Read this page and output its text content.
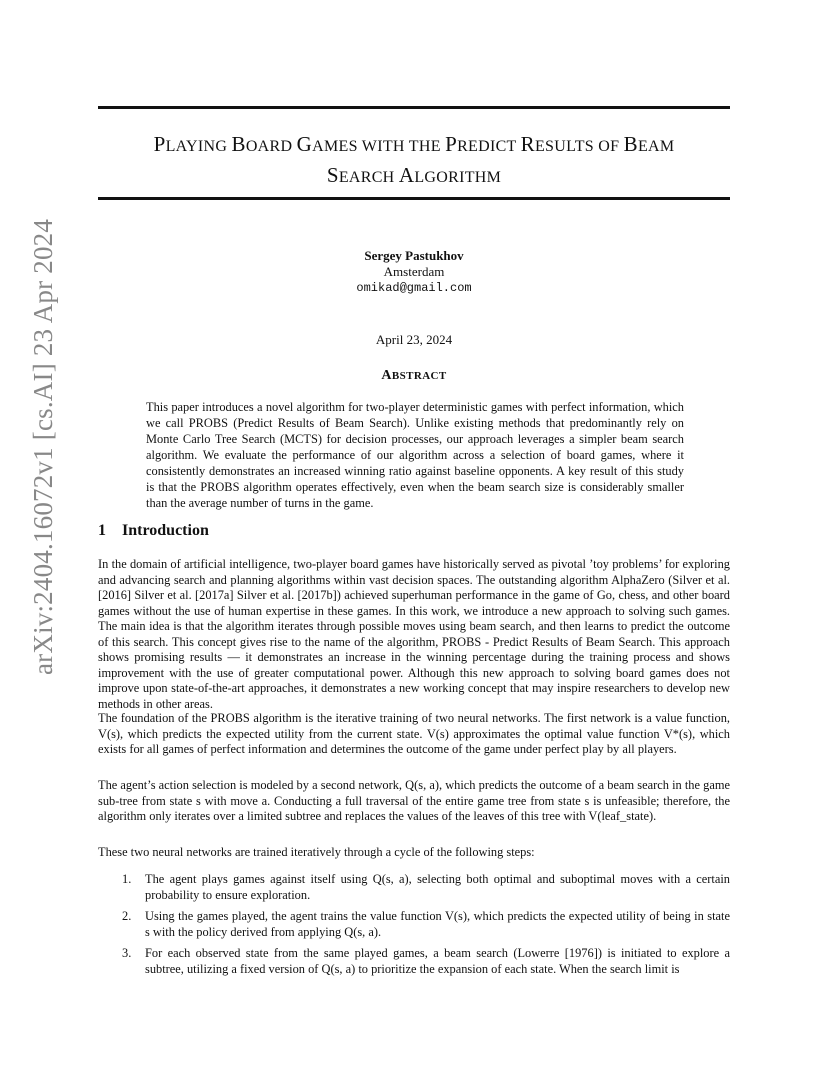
PLAYING BOARD GAMES WITH THE PREDICT RESULTS OF BEAM
SEARCH ALGORITHM
arXiv:2404.16072v1 [cs.AI] 23 Apr 2024	Sergey Pastukhov
Amsterdam
omikad@gmail.com
April 23, 2024
ABSTRACT

This paper introduces a novel algorithm for two-player deterministic games with perfect information, which we call PROBS (Predict Results of Beam Search). Unlike existing methods that predominantly rely on Monte Carlo Tree Search (MCTS) for decision processes, our approach leverages a simpler beam search algorithm. We evaluate the performance of our algorithm across a selection of board games, where it consistently demonstrates an increased winning ratio against baseline opponents. A key result of this study is that the PROBS algorithm operates effectively, even when the beam search size is considerably smaller than the average number of turns in the game.

1 Introduction

In the domain of artificial intelligence, two-player board games have historically served as pivotal ’toy problems’ for exploring and advancing search and planning algorithms within vast decision spaces. The outstanding algorithm AlphaZero (Silver et al. [2016] Silver et al. [2017a] Silver et al. [2017b]) achieved superhuman performance in the game of Go, chess, and other board games without the use of human expertise in these games. In this work, we introduce a new approach to solving such games. The main idea is that the algorithm iterates through possible moves using beam search, and then learns to predict the outcome of this search. This concept gives rise to the name of the algorithm, PROBS - Predict Results of Beam Search. This approach shows promising results — it demonstrates an increase in the winning percentage during the training process and shows improvement with the use of greater computational power. Although this new approach to solving board games does not improve upon state-of-the-art approaches, it demonstrates a new working concept that may inspire researchers to develop new methods in other areas.

The foundation of the PROBS algorithm is the iterative training of two neural networks. The first network is a value function, V(s), which predicts the expected utility from the current state. V(s) approximates the optimal value function V*(s), which exists for all games of perfect information and determines the outcome of the game under perfect play by all players.

The agent’s action selection is modeled by a second network, Q(s, a), which predicts the outcome of a beam search in the game sub-tree from state s with move a. Conducting a full traversal of the entire game tree from state s is unfeasible; therefore, the algorithm only iterates over a limited subtree and replaces the values of the leaves of this tree with V(leaf_state).

These two neural networks are trained iteratively through a cycle of the following steps:

1. The agent plays games against itself using Q(s, a), selecting both optimal and suboptimal moves with a certain probability to ensure exploration.
2. Using the games played, the agent trains the value function V(s), which predicts the expected utility of being in state s with the policy derived from applying Q(s, a).
3. For each observed state from the same played games, a beam search (Lowerre [1976]) is initiated to explore a subtree, utilizing a fixed version of Q(s, a) to prioritize the expansion of each state. When the search limit is
